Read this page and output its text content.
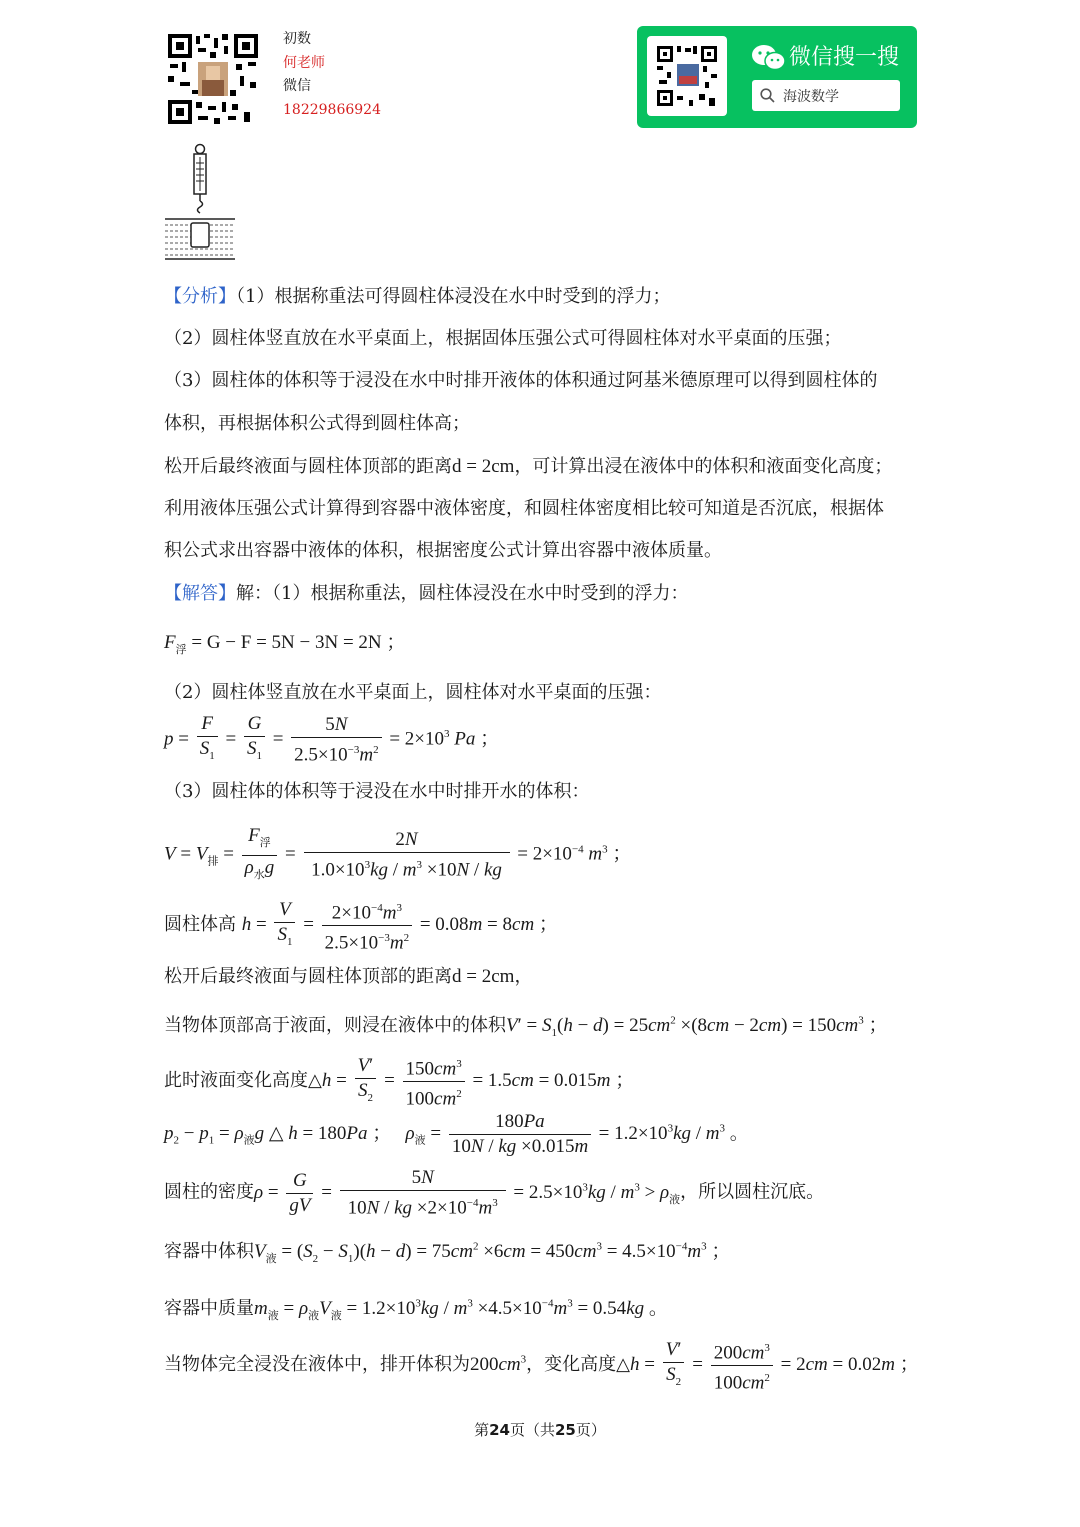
初数
何老师
微信
18229866924
微信搜一搜
海波数学
【分析】（1）根据称重法可得圆柱体浸没在水中时受到的浮力；
（2）圆柱体竖直放在水平桌面上，根据固体压强公式可得圆柱体对水平桌面的压强；
（3）圆柱体的体积等于浸没在水中时排开液体的体积通过阿基米德原理可以得到圆柱体的
体积，再根据体积公式得到圆柱体高；
松开后最终液面与圆柱体顶部的距离d = 2cm，可计算出浸在液体中的体积和液面变化高度；
利用液体压强公式计算得到容器中液体密度，和圆柱体密度相比较可知道是否沉底，根据体
积公式求出容器中液体的体积，根据密度公式计算出容器中液体质量。
【解答】解：（1）根据称重法，圆柱体浸没在水中时受到的浮力：
$F_浮 = G - F = 5N - 3N = 2N$ ；
（2）圆柱体竖直放在水平桌面上，圆柱体对水平桌面的压强：
$p = \frac{F}{S_1} = \frac{G}{S_1} = \frac{5N}{2.5\times 10^{-3}m^2} = 2\times 10^3$ Pa ；
（3）圆柱体的体积等于浸没在水中时排开水的体积：
$V = V_排 = \frac{F_浮}{\rho_水g} = \frac{2N}{1.0\times 10^3kg / m^3 \times 10N / kg} = 2\times 10^{-4}$ $m^3$ ；
圆柱体高 $h = \frac{V}{S_1} = \frac{2\times 10^{-4}m^3}{2.5\times 10^{-3}m^2} = 0.08m = 8cm$ ；
松开后最终液面与圆柱体顶部的距离d = 2cm，
当物体顶部高于液面，则浸在液体中的体积$V' = S_1(h - d) = 25cm^2 \times(8cm - 2cm) = 150cm^3$ ；
此时液面变化高度△h = $\frac{V'}{S_2} = \frac{150cm^3}{100cm^2} = 1.5cm = 0.015m$ ；
$p_2 - p_1 = \rho_液g$ △ h = 180Pa ；   $\rho_液 = \frac{180Pa}{10N / kg \times 0.015m} = 1.2\times 10^3kg / m^3$ 。
圆柱的密度$\rho = \frac{G}{gV} = \frac{5N}{10N / kg \times 2\times 10^{-4}m^3} = 2.5\times 10^3kg / m^3 > \rho_液$，所以圆柱沉底。
容器中体积$V_液 = (S_2 - S_1)(h - d) = 75cm^2 \times 6cm = 450cm^3 = 4.5\times 10^{-4}m^3$ ；
容器中质量$m_液 = \rho_液V_液 = 1.2\times 10^3kg / m^3 \times 4.5\times 10^{-4}m^3 = 0.54kg$ 。
当物体完全浸没在液体中，排开体积为$200cm^3$，变化高度△h = $\frac{V'}{S_2} = \frac{200cm^3}{100cm^2} = 2cm = 0.02m$ ；
第24页（共25页）
